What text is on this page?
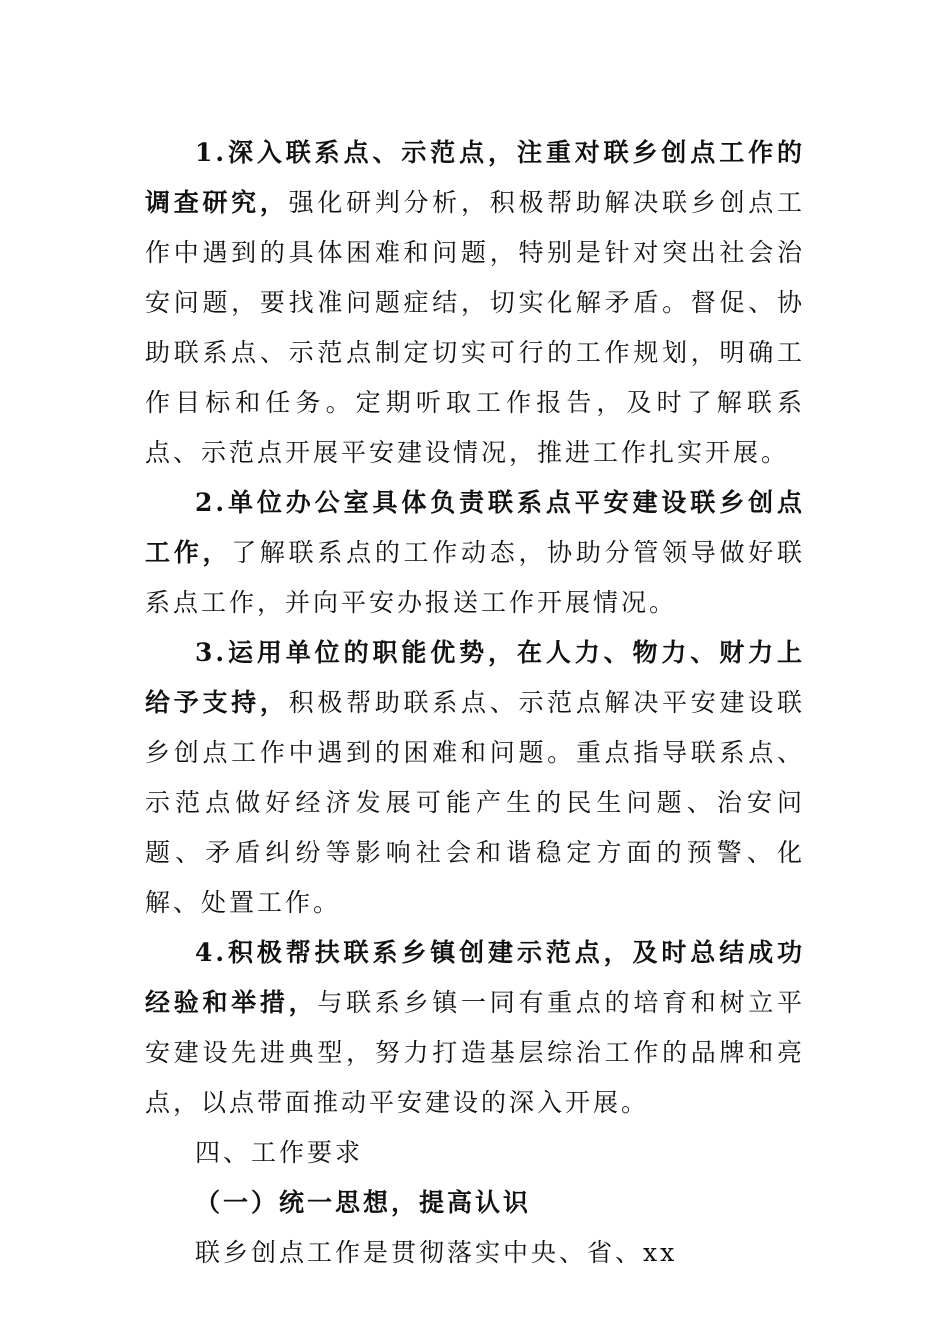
1.深入联系点、示范点，注重对联乡创点工作的调查研究，强化研判分析，积极帮助解决联乡创点工作中遇到的具体困难和问题，特别是针对突出社会治安问题，要找准问题症结，切实化解矛盾。督促、协助联系点、示范点制定切实可行的工作规划，明确工作目标和任务。定期听取工作报告，及时了解联系点、示范点开展平安建设情况，推进工作扎实开展。

2.单位办公室具体负责联系点平安建设联乡创点工作，了解联系点的工作动态，协助分管领导做好联系点工作，并向平安办报送工作开展情况。

3.运用单位的职能优势，在人力、物力、财力上给予支持，积极帮助联系点、示范点解决平安建设联乡创点工作中遇到的困难和问题。重点指导联系点、示范点做好经济发展可能产生的民生问题、治安问题、矛盾纠纷等影响社会和谐稳定方面的预警、化解、处置工作。

4.积极帮扶联系乡镇创建示范点，及时总结成功经验和举措，与联系乡镇一同有重点的培育和树立平安建设先进典型，努力打造基层综治工作的品牌和亮点，以点带面推动平安建设的深入开展。

四、工作要求

（一）统一思想，提高认识

联乡创点工作是贯彻落实中央、省、xx
